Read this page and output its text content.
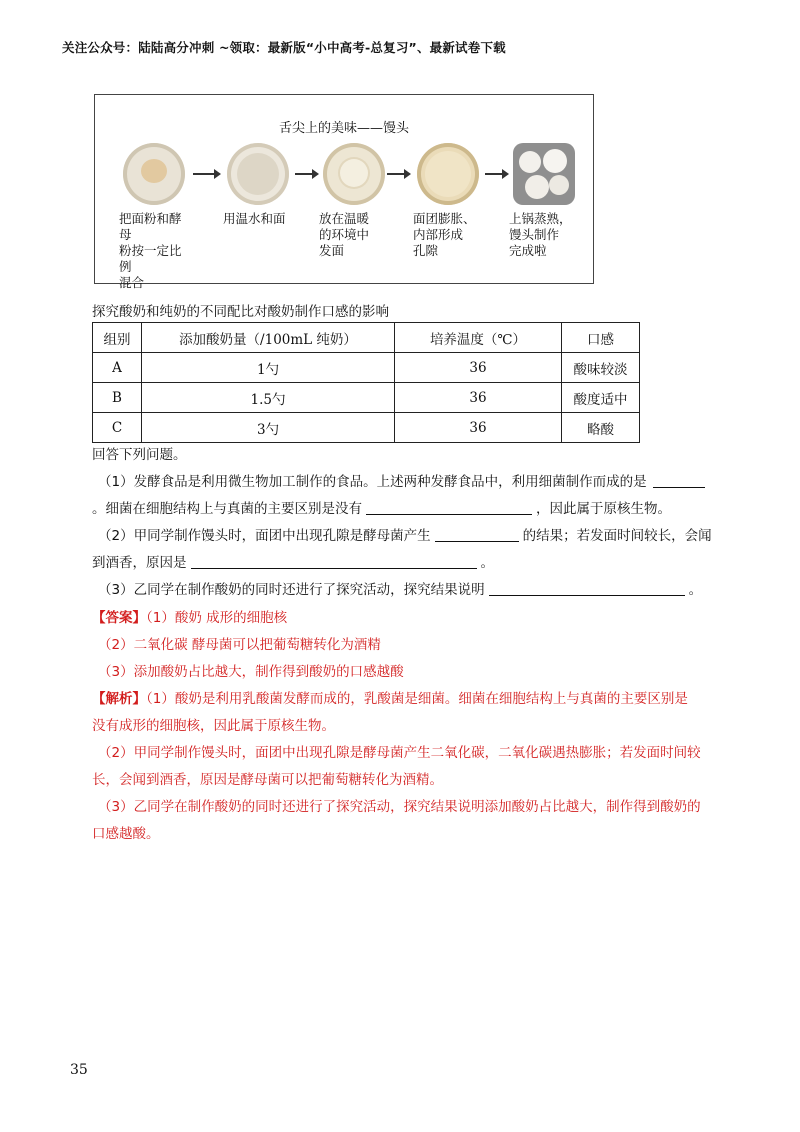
关注公众号：陆陆高分冲刺 ~领取：最新版“小中高考-总复习”、最新试卷下载
舌尖上的美味——馒头
把面粉和酵母
粉按一定比例
混合
用温水和面	放在温暖
的环境中
发面
面团膨胀、
内部形成
孔隙
上锅蒸熟，
馒头制作
完成啦
探究酸奶和纯奶的不同配比对酸奶制作口感的影响
组别	添加酸奶量（/100mL 纯奶）	培养温度（℃）	口感
A	1勺	36	酸味较淡
B	1.5勺	36	酸度适中
C	3勺	36	略酸
回答下列问题。
（1）发酵食品是利用微生物加工制作的食品。上述两种发酵食品中，利用细菌制作而成的是
。细菌在细胞结构上与真菌的主要区别是没有	，因此属于原核生物。
（2）甲同学制作馒头时，面团中出现孔隙是酵母菌产生	的结果；若发面时间较长，会闻
到酒香，原因是	。
（3）乙同学在制作酸奶的同时还进行了探究活动，探究结果说明	。
【答案】（1）酸奶 成形的细胞核
（2）二氧化碳 酵母菌可以把葡萄糖转化为酒精
（3）添加酸奶占比越大，制作得到酸奶的口感越酸
【解析】（1）酸奶是利用乳酸菌发酵而成的，乳酸菌是细菌。细菌在细胞结构上与真菌的主要区别是
没有成形的细胞核，因此属于原核生物。
（2）甲同学制作馒头时，面团中出现孔隙是酵母菌产生二氧化碳，二氧化碳遇热膨胀；若发面时间较
长，会闻到酒香，原因是酵母菌可以把葡萄糖转化为酒精。
（3）乙同学在制作酸奶的同时还进行了探究活动，探究结果说明添加酸奶占比越大，制作得到酸奶的
口感越酸。
35
